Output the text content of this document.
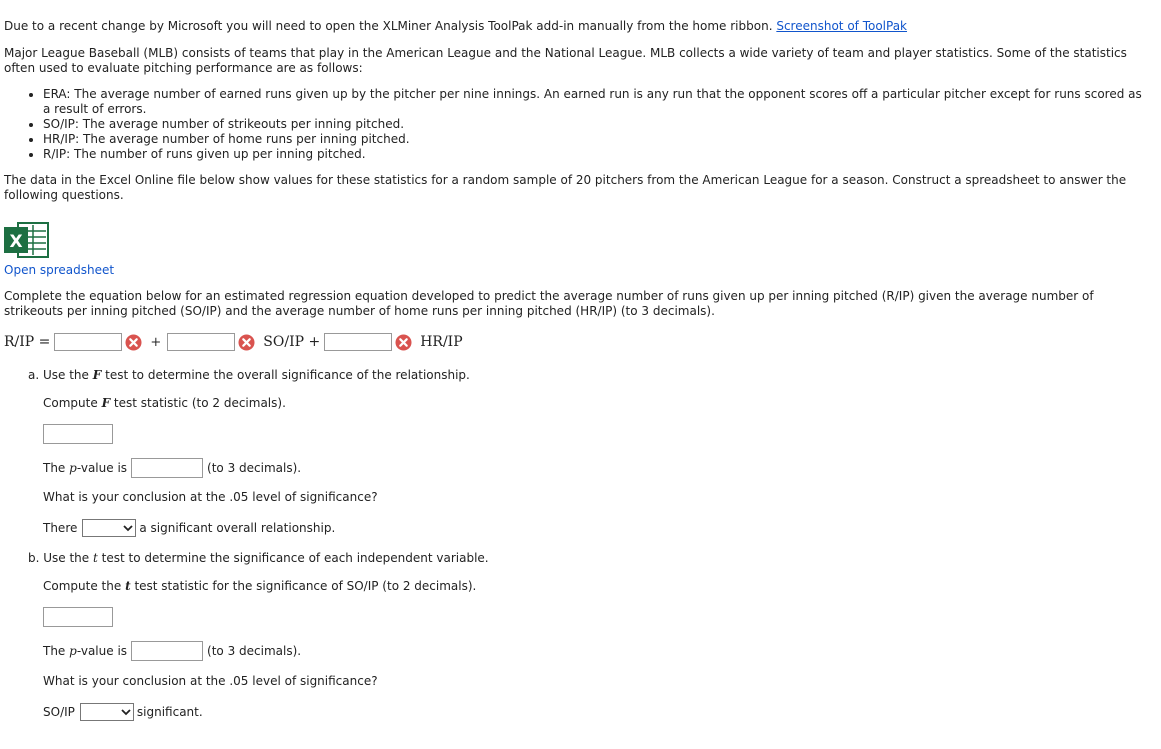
Due to a recent change by Microsoft you will need to open the XLMiner Analysis ToolPak add-in manually from the home ribbon. Screenshot of ToolPak

Major League Baseball (MLB) consists of teams that play in the American League and the National League. MLB collects a wide variety of team and player statistics. Some of the statistics often used to evaluate pitching performance are as follows:

• ERA: The average number of earned runs given up by the pitcher per nine innings. An earned run is any run that the opponent scores off a particular pitcher except for runs scored as a result of errors.
• SO/IP: The average number of strikeouts per inning pitched.
• HR/IP: The average number of home runs per inning pitched.
• R/IP: The number of runs given up per inning pitched.

The data in the Excel Online file below show values for these statistics for a random sample of 20 pitchers from the American League for a season. Construct a spreadsheet to answer the following questions.

X
Open spreadsheet

Complete the equation below for an estimated regression equation developed to predict the average number of runs given up per inning pitched (R/IP) given the average number of strikeouts per inning pitched (SO/IP) and the average number of home runs per inning pitched (HR/IP) (to 3 decimals).

R/IP =	+	SO/IP +	HR/IP
a. Use the F test to determine the overall significance of the relationship.
Compute
F
test statistic (to 2 decimals).
The
p -value is	(to 3 decimals).
What is your conclusion at the .05 level of significance?
There	a significant overall relationship.
b. Use the t test to determine the significance of each independent variable.
Compute the
t
test statistic for the significance of SO/IP (to 2 decimals).
The
p -value is	(to 3 decimals).
What is your conclusion at the .05 level of significance?
SO/IP	significant.
